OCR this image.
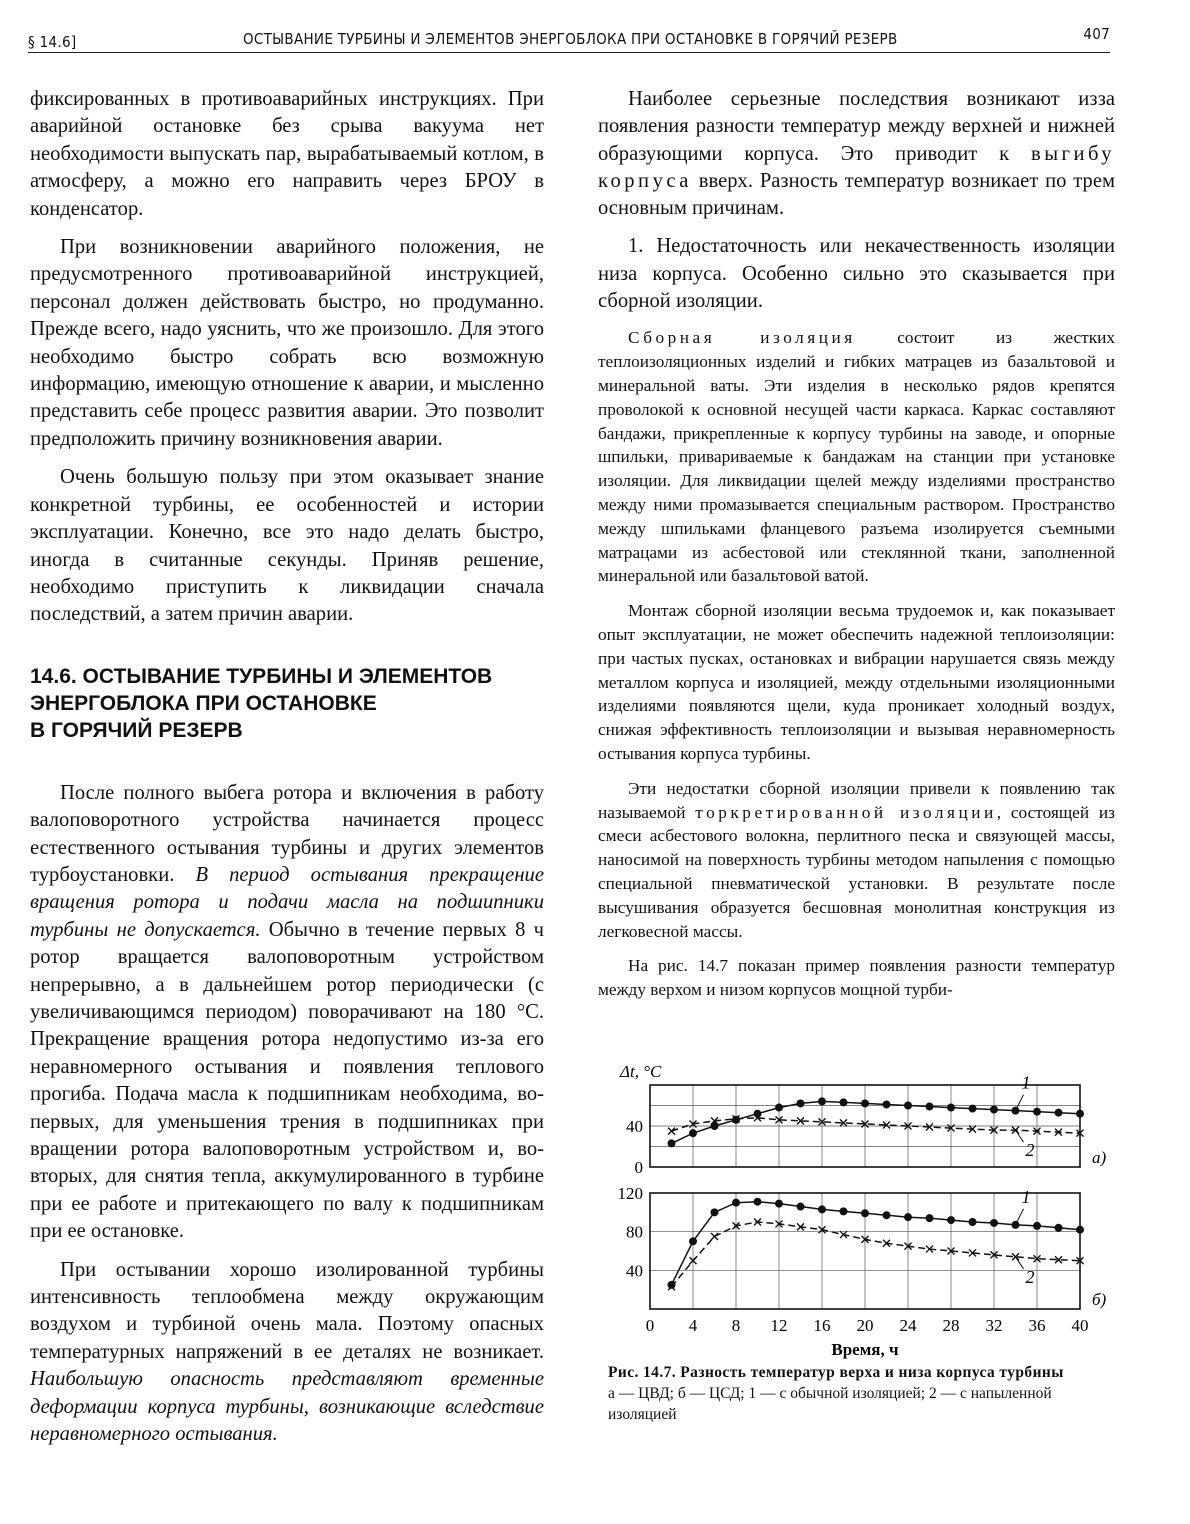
§ 14.6]	ОСТЫВАНИЕ ТУРБИНЫ И ЭЛЕМЕНТОВ ЭНЕРГОБЛОКА ПРИ ОСТАНОВКЕ В ГОРЯЧИЙ РЕЗЕРВ	407

фиксированных в противоаварийных инструкциях. При аварийной остановке без срыва вакуума нет необходимости выпускать пар, вырабатываемый котлом, в атмосферу, а можно его направить через БРОУ в конденсатор.

При возникновении аварийного положения, не предусмотренного противоаварийной инструкцией, персонал должен действовать быстро, но продуманно. Прежде всего, надо уяснить, что же произошло. Для этого необходимо быстро собрать всю возможную информацию, имеющую отношение к аварии, и мысленно представить себе процесс развития аварии. Это позволит предположить причину возникновения аварии.

Очень большую пользу при этом оказывает знание конкретной турбины, ее особенностей и истории эксплуатации. Конечно, все это надо делать быстро, иногда в считанные секунды. Приняв решение, необходимо приступить к ликвидации сначала последствий, а затем причин аварии.

14.6. ОСТЫВАНИЕ ТУРБИНЫ И ЭЛЕМЕНТОВ
ЭНЕРГОБЛОКА ПРИ ОСТАНОВКЕ
В ГОРЯЧИЙ РЕЗЕРВ

После полного выбега ротора и включения в работу валоповоротного устройства начинается процесс естественного остывания турбины и других элементов турбоустановки. В период остывания прекращение вращения ротора и подачи масла на подшипники турбины не допускается. Обычно в течение первых 8 ч ротор вращается валоповоротным устройством непрерывно, а в дальнейшем ротор периодически (с увеличивающимся периодом) поворачивают на 180 °С. Прекращение вращения ротора недопустимо из-за его неравномерного остывания и появления теплового прогиба. Подача масла к подшипникам необходима, во-первых, для уменьшения трения в подшипниках при вращении ротора валоповоротным устройством и, во-вторых, для снятия тепла, аккумулированного в турбине при ее работе и притекающего по валу к подшипникам при ее остановке.

При остывании хорошо изолированной турбины интенсивность теплообмена между окружающим воздухом и турбиной очень мала. Поэтому опасных температурных напряжений в ее деталях не возникает. Наибольшую опасность представляют временные деформации корпуса турбины, возникающие вследствие неравномерного остывания.

Наиболее серьезные последствия возникают изза появления разности температур между верхней и нижней образующими корпуса. Это приводит к выгибу корпуса вверх. Разность температур возникает по трем основным причинам.

1. Недостаточность или некачественность изоляции низа корпуса. Особенно сильно это сказывается при сборной изоляции.

Сборная изоляция состоит из жестких теплоизоляционных изделий и гибких матрацев из базальтовой и минеральной ваты. Эти изделия в несколько рядов крепятся проволокой к основной несущей части каркаса. Каркас составляют бандажи, прикрепленные к корпусу турбины на заводе, и опорные шпильки, привариваемые к бандажам на станции при установке изоляции. Для ликвидации щелей между изделиями пространство между ними промазывается специальным раствором. Пространство между шпильками фланцевого разъема изолируется съемными матрацами из асбестовой или стеклянной ткани, заполненной минеральной или базальтовой ватой.

Монтаж сборной изоляции весьма трудоемок и, как показывает опыт эксплуатации, не может обеспечить надежной теплоизоляции: при частых пусках, остановках и вибрации нарушается связь между металлом корпуса и изоляцией, между отдельными изоляционными изделиями появляются щели, куда проникает холодный воздух, снижая эффективность теплоизоляции и вызывая неравномерность остывания корпуса турбины.

Эти недостатки сборной изоляции привели к появлению так называемой торкретированной изоляции, состоящей из смеси асбестового волокна, перлитного песка и связующей массы, наносимой на поверхность турбины методом напыления с помощью специальной пневматической установки. В результате после высушивания образуется бесшовная монолитная конструкция из легковесной массы.

На рис. 14.7 показан пример появления разности температур между верхом и низом корпусов мощной турби-

40
0
Δt, °C
а)
1
2
120
80
40
0 4 8 12 16 20 24 28 32 36 40
Время, ч
б)
1
2
Рис. 14.7. Разность температур верха и низа корпуса турбины
а — ЦВД; б — ЦСД; 1 — с обычной изоляцией; 2 — с напыленной изоляцией
